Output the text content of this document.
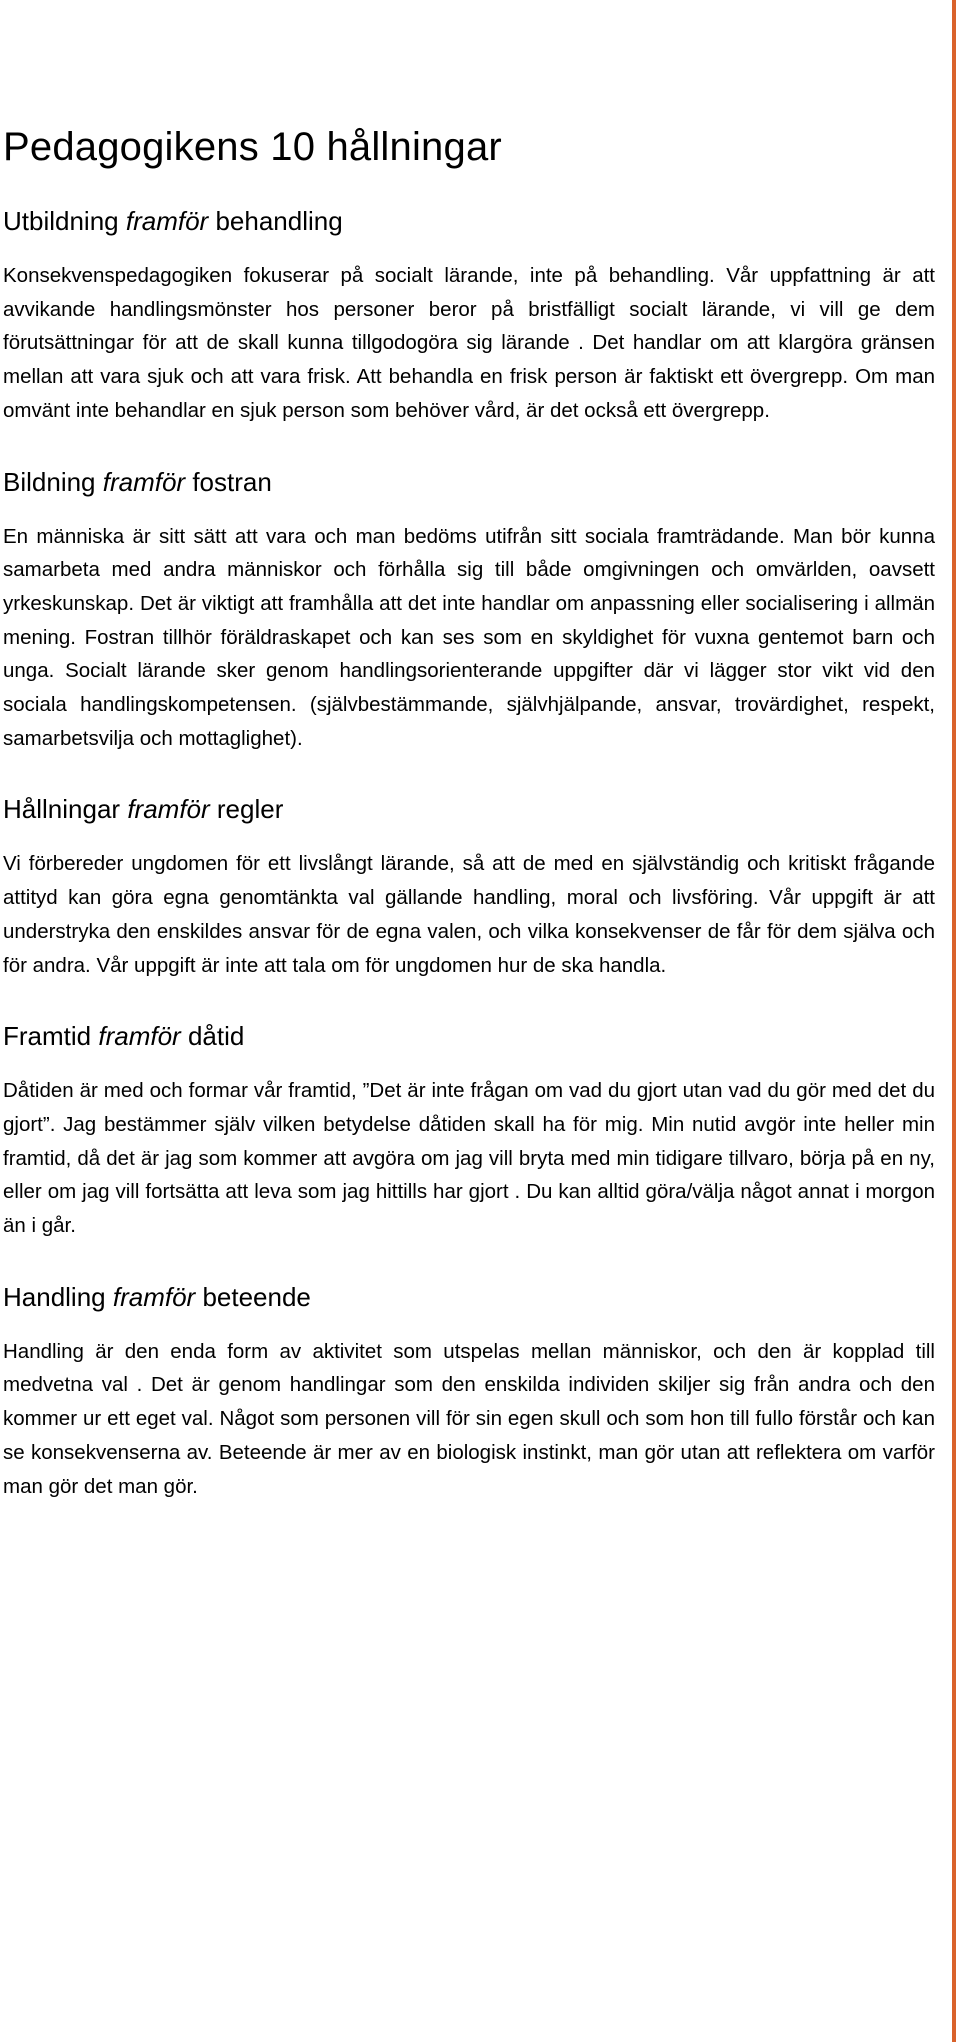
Pedagogikens 10 hållningar
Utbildning framför behandling

Konsekvenspedagogiken fokuserar på socialt lärande, inte på behandling. Vår uppfattning är att avvikande handlingsmönster hos personer beror på bristfälligt socialt lärande, vi vill ge dem förutsättningar för att de skall kunna tillgodogöra sig lärande . Det handlar om att klargöra gränsen mellan att vara sjuk och att vara frisk. Att behandla en frisk person är faktiskt ett övergrepp. Om man omvänt inte behandlar en sjuk person som behöver vård, är det också ett övergrepp.

Bildning framför fostran

En människa är sitt sätt att vara och man bedöms utifrån sitt sociala framträdande. Man bör kunna samarbeta med andra människor och förhålla sig till både omgivningen och omvärlden, oavsett yrkeskunskap. Det är viktigt att framhålla att det inte handlar om anpassning eller socialisering i allmän mening. Fostran tillhör föräldraskapet och kan ses som en skyldighet för vuxna gentemot barn och unga. Socialt lärande sker genom handlingsorienterande uppgifter där vi lägger stor vikt vid den sociala handlingskompetensen. (självbestämmande, självhjälpande, ansvar, trovärdighet, respekt, samarbetsvilja och mottaglighet).

Hållningar framför regler

Vi förbereder ungdomen för ett livslångt lärande, så att de med en självständig och kritiskt frågande attityd kan göra egna genomtänkta val gällande handling, moral och livsföring. Vår uppgift är att understryka den enskildes ansvar för de egna valen, och vilka konsekvenser de får för dem själva och för andra. Vår uppgift är inte att tala om för ungdomen hur de ska handla.

Framtid framför dåtid

Dåtiden är med och formar vår framtid, ”Det är inte frågan om vad du gjort utan vad du gör med det du gjort”. Jag bestämmer själv vilken betydelse dåtiden skall ha för mig. Min nutid avgör inte heller min framtid, då det är jag som kommer att avgöra om jag vill bryta med min tidigare tillvaro, börja på en ny, eller om jag vill fortsätta att leva som jag hittills har gjort . Du kan alltid göra/välja något annat i morgon än i går.

Handling framför beteende

Handling är den enda form av aktivitet som utspelas mellan människor, och den är kopplad till medvetna val . Det är genom handlingar som den enskilda individen skiljer sig från andra och den kommer ur ett eget val. Något som personen vill för sin egen skull och som hon till fullo förstår och kan se konsekvenserna av. Beteende är mer av en biologisk instinkt, man gör utan att reflektera om varför man gör det man gör.
